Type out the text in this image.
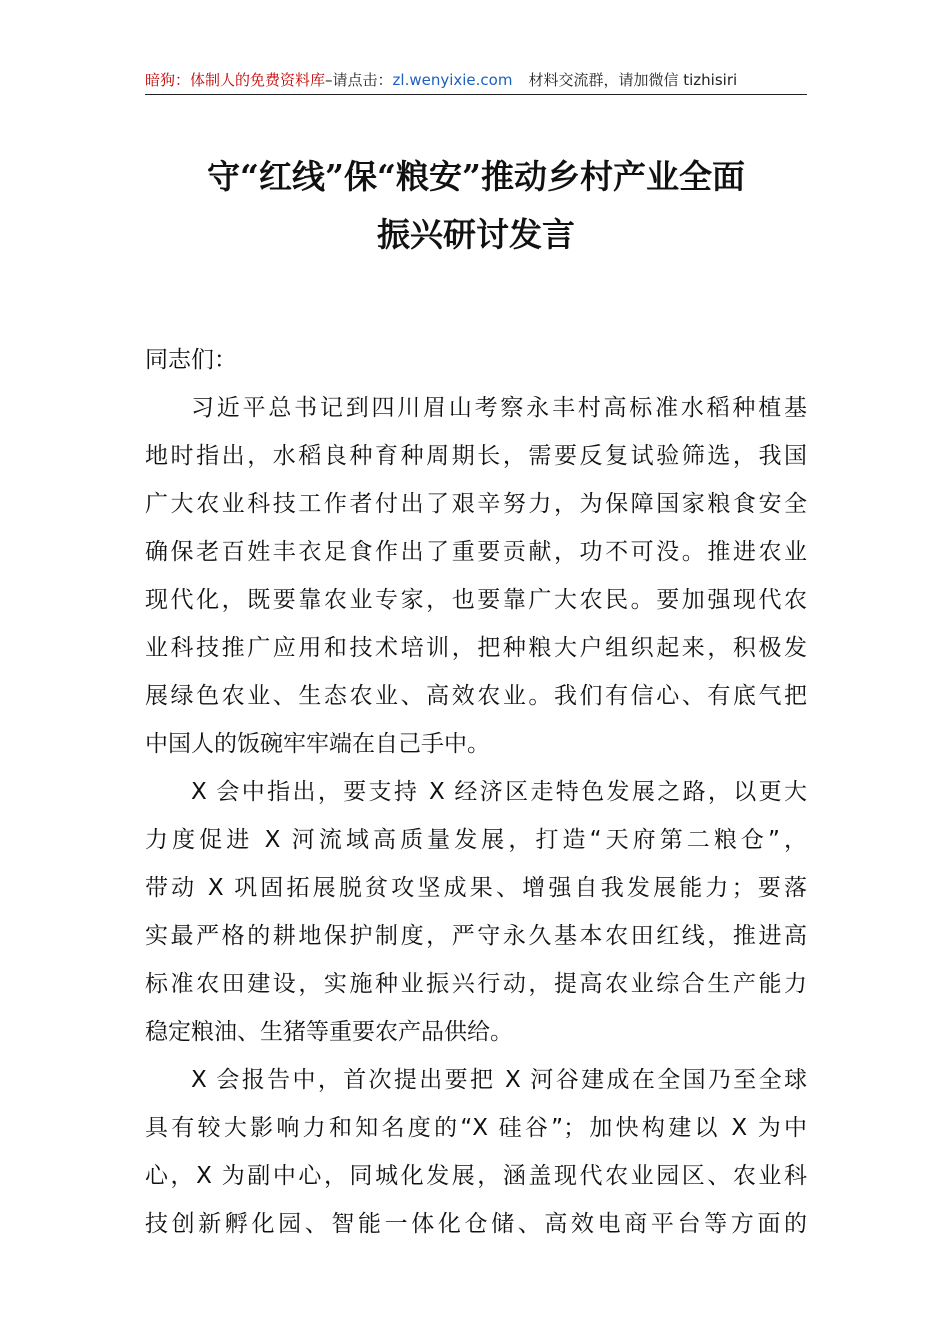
暗狗：体制人的免费资料库–请点击：zl.wenyixie.com 材料交流群，请加微信 tizhisiri
守“红线”保“粮安”推动乡村产业全面
振兴研讨发言
同志们：
习近平总书记到四川眉山考察永丰村高标准水稻种植基
地时指出，水稻良种育种周期长，需要反复试验筛选，我国
广大农业科技工作者付出了艰辛努力，为保障国家粮食安全
确保老百姓丰衣足食作出了重要贡献，功不可没。推进农业
现代化，既要靠农业专家，也要靠广大农民。要加强现代农
业科技推广应用和技术培训，把种粮大户组织起来，积极发
展绿色农业、生态农业、高效农业。我们有信心、有底气把
中国人的饭碗牢牢端在自己手中。
X 会中指出，要支持 X 经济区走特色发展之路，以更大
力度促进 X 河流域高质量发展，打造“天府第二粮仓”，
带动 X 巩固拓展脱贫攻坚成果、增强自我发展能力；要落
实最严格的耕地保护制度，严守永久基本农田红线，推进高
标准农田建设，实施种业振兴行动，提高农业综合生产能力
稳定粮油、生猪等重要农产品供给。
X 会报告中，首次提出要把 X 河谷建成在全国乃至全球
具有较大影响力和知名度的“X 硅谷”；加快构建以 X 为中
心，X 为副中心，同城化发展，涵盖现代农业园区、农业科
技创新孵化园、智能一体化仓储、高效电商平台等方面的
